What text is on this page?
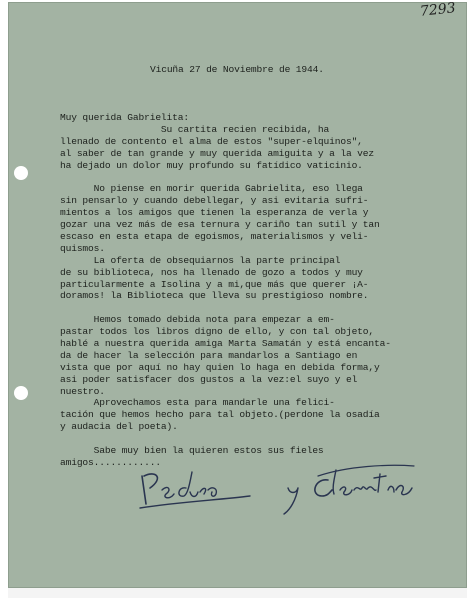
7293
Vicuña 27 de Noviembre de 1944.
Muy querida Gabrielita:
Su cartita recien recibida, ha
llenado de contento el alma de estos "super-elquinos",
al saber de tan grande y muy querida amiguita y a la vez
ha dejado un dolor muy profundo su fatídico vaticinio.
No piense en morir querida Gabrielita, eso llega
sin pensarlo y cuando debellegar, y asi evitaria sufri-
mientos a los amigos que tienen la esperanza de verla y
gozar una vez más de esa ternura y cariño tan sutil y tan
escaso en esta etapa de egoismos, materialismos y veli-
quismos.
La oferta de obsequiarnos la parte principal
de su biblioteca, nos ha llenado de gozo a todos y muy
particularmente a Isolina y a mi,que más que querer ¡A-
doramos! la Biblioteca que lleva su prestigioso nombre.
Hemos tomado debida nota para empezar a em-
pastar todos los libros digno de ello, y con tal objeto,
hablé a nuestra querida amiga Marta Samatán y está encanta-
da de hacer la selección para mandarlos a Santiago en
vista que por aquí no hay quien lo haga en debida forma,y
asi poder satisfacer dos gustos a la vez:el suyo y el
nuestro.
Aprovechamos esta para mandarle una felici-
tación que hemos hecho para tal objeto.(perdone la osadía
y audacia del poeta).
Sabe muy bien la quieren estos sus fieles
amigos............
